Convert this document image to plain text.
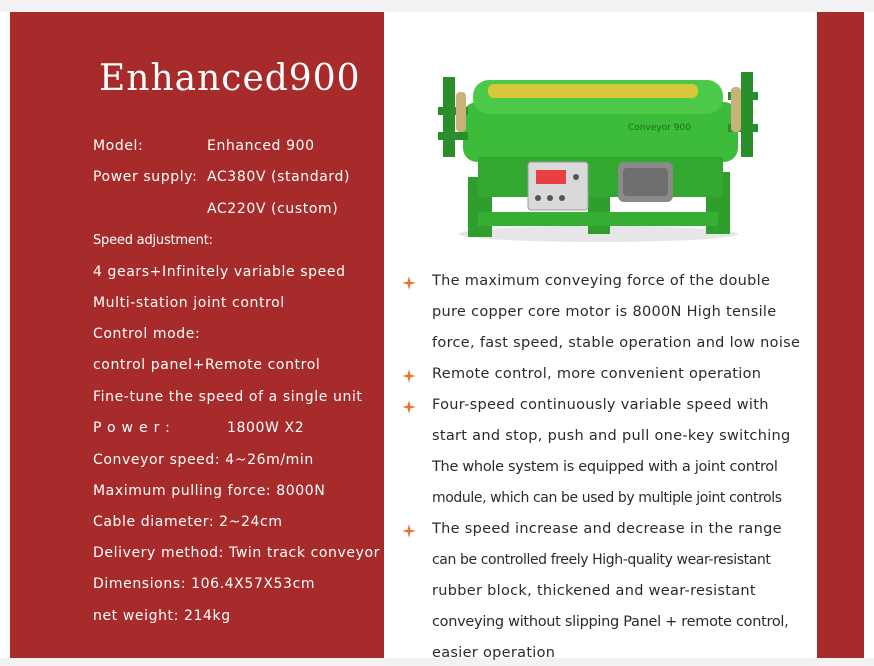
Enhanced900
Model:	Enhanced 900
Power supply: AC380V (standard)
AC220V (custom)
Speed adjustment:
4 gears+Infinitely variable speed
Multi-station joint control
Control mode:
control panel+Remote control
Fine-tune the speed of a single unit
Power:	1800W X2
Conveyor speed: 4~26m/min
Maximum pulling force: 8000N
Cable diameter: 2~24cm
Delivery method: Twin track conveyor
Dimensions: 106.4X57X53cm
net weight: 214kg
Conveyor 900
The maximum conveying force of the double
pure copper core motor is 8000N High tensile
force, fast speed, stable operation and low noise
Remote control, more convenient operation
Four-speed continuously variable speed with
start and stop, push and pull one-key switching
The whole system is equipped with a joint control
module, which can be used by multiple joint controls
The speed increase and decrease in the range
can be controlled freely High-quality wear-resistant
rubber block, thickened and wear-resistant
conveying without slipping Panel + remote control,
easier operation
